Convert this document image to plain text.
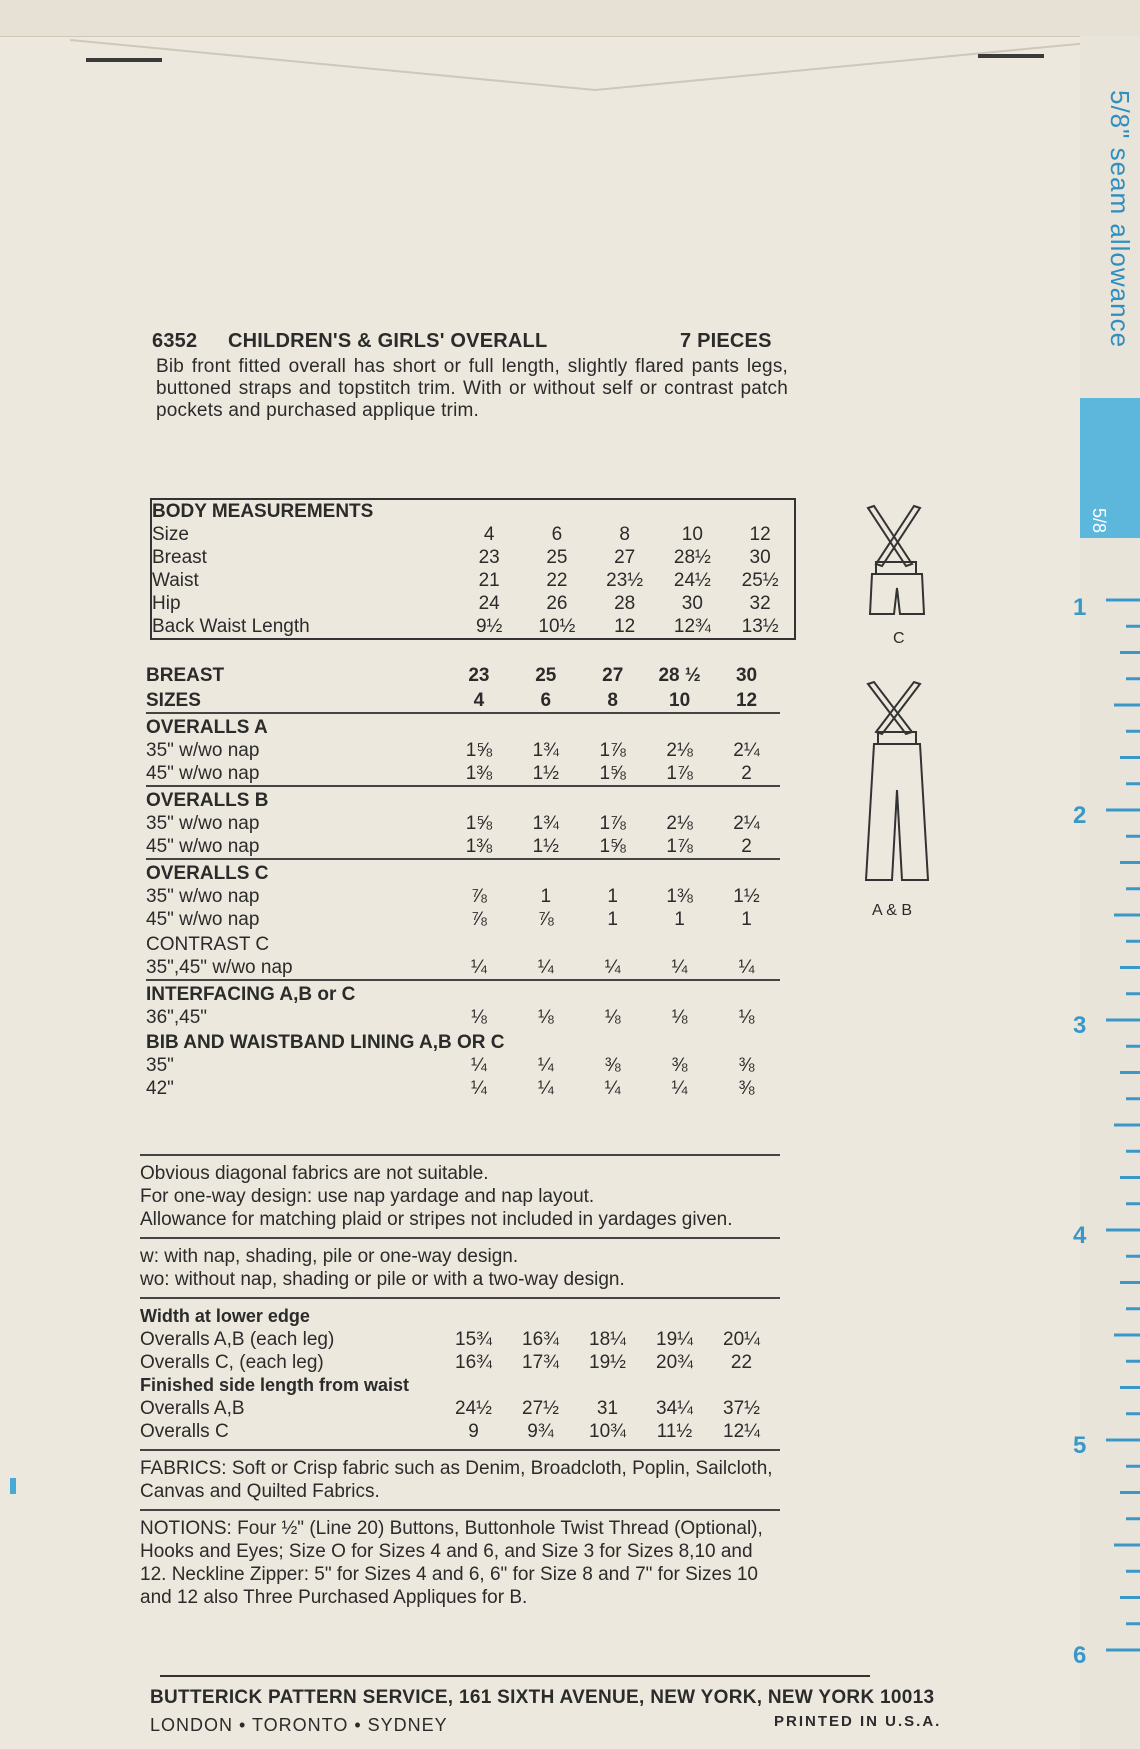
6352 CHILDREN'S & GIRLS' OVERALL	7 PIECES
Bib front fitted overall has short or full length, slightly flared pants legs, buttoned straps and topstitch trim. With or without self or contrast patch pockets and purchased applique trim.
BODY MEASUREMENTS					
Size	4	6	8	10	12
Breast	23	25	27	28½	30
Waist	21	22	23½	24½	25½
Hip	24	26	28	30	32
Back Waist Length	9½	10½	12	12¾	13½
BREAST	23	25	27	28 ½	30
SIZES	4	6	8	10	12
OVERALLS A					
35" w/wo nap	1⅝	1¾	1⅞	2⅛	2¼
45" w/wo nap	1⅜	1½	1⅝	1⅞	2
OVERALLS B					
35" w/wo nap	1⅝	1¾	1⅞	2⅛	2¼
45" w/wo nap	1⅜	1½	1⅝	1⅞	2
OVERALLS C					
35" w/wo nap	⅞	1	1	1⅜	1½
45" w/wo nap	⅞	⅞	1	1	1
CONTRAST C					
35",45" w/wo nap	¼	¼	¼	¼	¼
INTERFACING A,B or C					
36",45"	⅛	⅛	⅛	⅛	⅛
BIB AND WAISTBAND LINING A,B OR C					
35"	¼	¼	⅜	⅜	⅜
42"	¼	¼	¼	¼	⅜

Obvious diagonal fabrics are not suitable.

For one-way design: use nap yardage and nap layout.

Allowance for matching plaid or stripes not included in yardages given.

w: with nap, shading, pile or one-way design.

wo: without nap, shading or pile or with a two-way design.

Width at lower edge					
Overalls A,B (each leg)	15¾	16¾	18¼	19¼	20¼
Overalls C, (each leg)	16¾	17¾	19½	20¾	22
Finished side length from waist					
Overalls A,B	24½	27½	31	34¼	37½
Overalls C	9	9¾	10¾	11½	12¼

FABRICS: Soft or Crisp fabric such as Denim, Broadcloth, Poplin, Sailcloth, Canvas and Quilted Fabrics.

NOTIONS: Four ½" (Line 20) Buttons, Buttonhole Twist Thread (Optional), Hooks and Eyes; Size O for Sizes 4 and 6, and Size 3 for Sizes 8,10 and 12. Neckline Zipper: 5" for Sizes 4 and 6, 6" for Size 8 and 7" for Sizes 10 and 12 also Three Purchased Appliques for B.

C
A & B
5/8" seam allowance
5/8
1
2
3
4
5
6
BUTTERICK PATTERN SERVICE, 161 SIXTH AVENUE, NEW YORK, NEW YORK 10013
LONDON • TORONTO • SYDNEY	PRINTED IN U.S.A.
